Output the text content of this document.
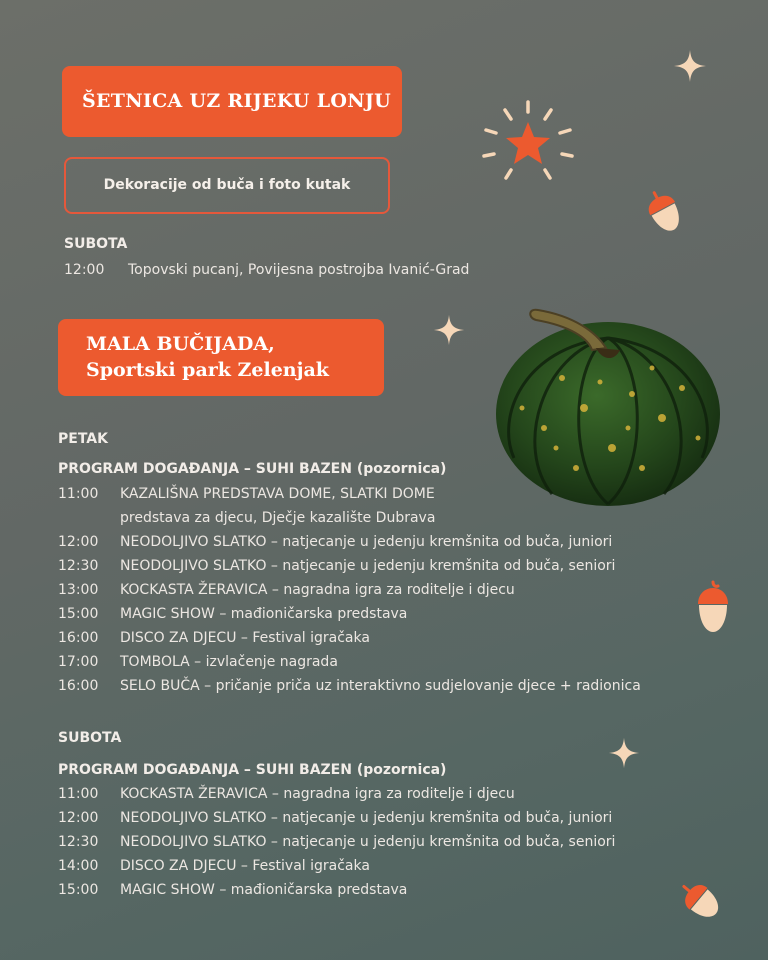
ŠETNICA UZ RIJEKU LONJU
Dekoracije od buča i foto kutak
SUBOTA
12:00 Topovski pucanj, Povijesna postrojba Ivanić-Grad
MALA BUČIJADA,
Sportski park Zelenjak
PETAK
PROGRAM DOGAĐANJA – SUHI BAZEN (pozornica)
11:00 KAZALIŠNA PREDSTAVA DOME, SLATKI DOME
predstava za djecu, Dječje kazalište Dubrava
12:00 NEODOLJIVO SLATKO – natjecanje u jedenju kremšnita od buča, juniori
12:30 NEODOLJIVO SLATKO – natjecanje u jedenju kremšnita od buča, seniori
13:00 KOCKASTA ŽERAVICA – nagradna igra za roditelje i djecu
15:00 MAGIC SHOW – mađioničarska predstava
16:00 DISCO ZA DJECU – Festival igračaka
17:00 TOMBOLA – izvlačenje nagrada
16:00 SELO BUČA – pričanje priča uz interaktivno sudjelovanje djece + radionica
SUBOTA
PROGRAM DOGAĐANJA – SUHI BAZEN (pozornica)
11:00 KOCKASTA ŽERAVICA – nagradna igra za roditelje i djecu
12:00 NEODOLJIVO SLATKO – natjecanje u jedenju kremšnita od buča, juniori
12:30 NEODOLJIVO SLATKO – natjecanje u jedenju kremšnita od buča, seniori
14:00 DISCO ZA DJECU – Festival igračaka
15:00 MAGIC SHOW – mađioničarska predstava
